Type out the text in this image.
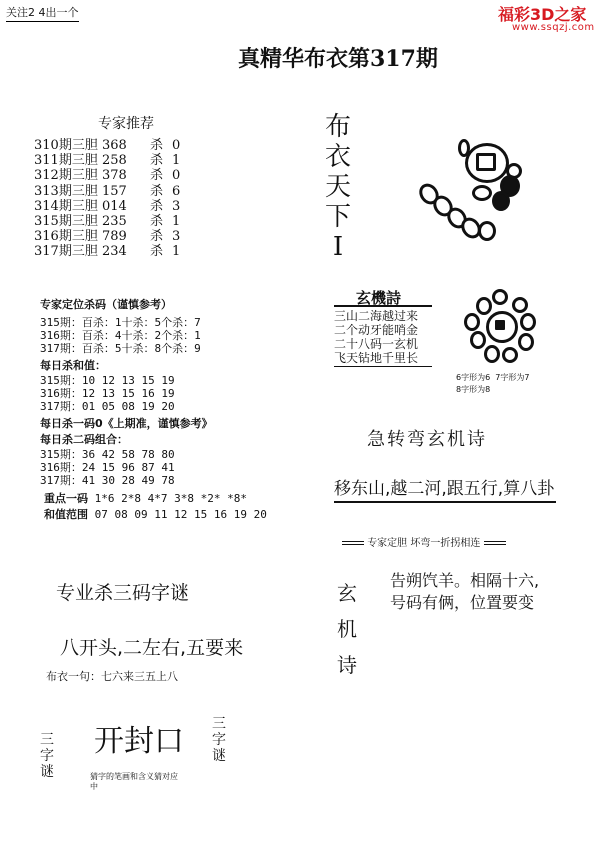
关注2 4出一个	福彩3D之家
www.ssqzj.com
真精华布衣第317期
专家推荐
310期三胆 368	杀 0
311期三胆 258	杀 1
312期三胆 378	杀 0
313期三胆 157	杀 6
314期三胆 014	杀 3
315期三胆 235	杀 1
316期三胆 789	杀 3
317期三胆 234	杀 1
专家定位杀码（谨慎参考）
315期：百杀：1十杀：5个杀：7
316期：百杀：4十杀：2个杀：1
317期：百杀：5十杀：8个杀：9
每日杀和值：
315期：10 12 13 15 19
316期：12 13 15 16 19
317期：01 05 08 19 20
每日杀一码0《上期准，谨慎参考》
每日杀二码组合：
315期：36 42 58 78 80
316期：24 15 96 87 41
317期：41 30 28 49 78
重点一码 1*6 2*8 4*7 3*8 *2* *8*
和值范围 07 08 09 11 12 15 16 19 20
专业杀三码字谜
八开头,二左右,五要来
布衣一句：七六来三五上八
三字谜
开封口 三字谜
猜字的笔画和含义猜对应中
布衣天下I
玄機詩
三山二海越过来
二个动牙能哨金
二十八码一玄机
飞天钻地千里长
6字形为6 7字形为7
8字形为8
急转弯玄机诗
移东山,越二河,跟五行,算八卦
专家定胆 坏弯一折拐相连
玄机诗
告朔饩羊。相隔十六,
号码有俩，位置要变
